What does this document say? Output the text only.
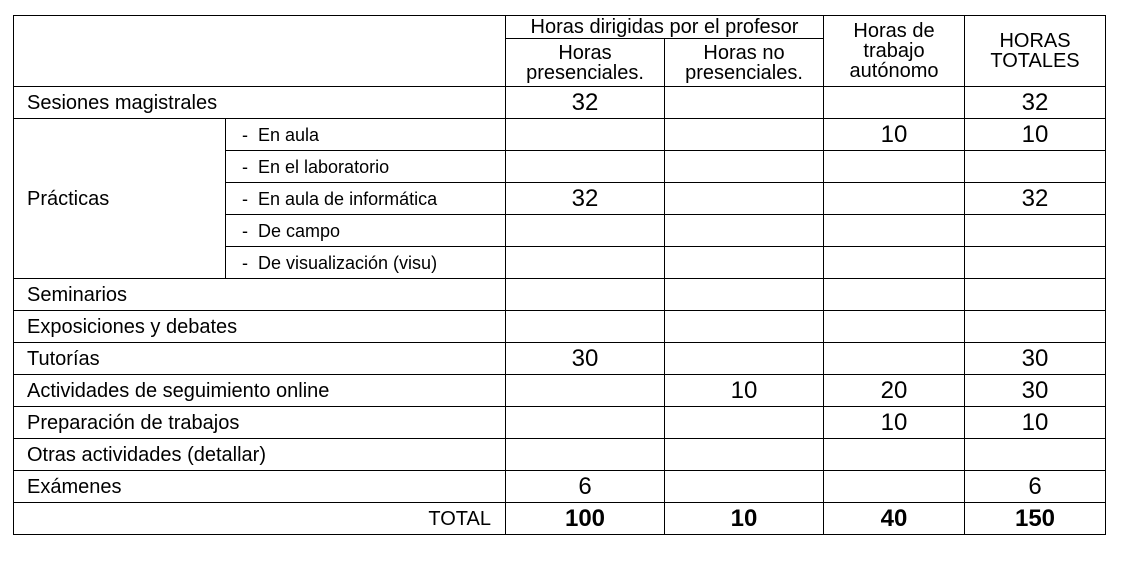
		Horas dirigidas por el profesor		Horas de trabajo autónomo	HORAS TOTALES
		Horas presenciales.	Horas no presenciales.		
Sesiones magistrales		32			32
Prácticas	- En aula			10	10
	- En el laboratorio				
	- En aula de informática	32			32
	- De campo				
	- De visualización (visu)				
Seminarios					
Exposiciones y debates					
Tutorías		30			30
Actividades de seguimiento online			10	20	30
Preparación de trabajos				10	10
Otras actividades (detallar)					
Exámenes		6			6
TOTAL		100	10	40	150
